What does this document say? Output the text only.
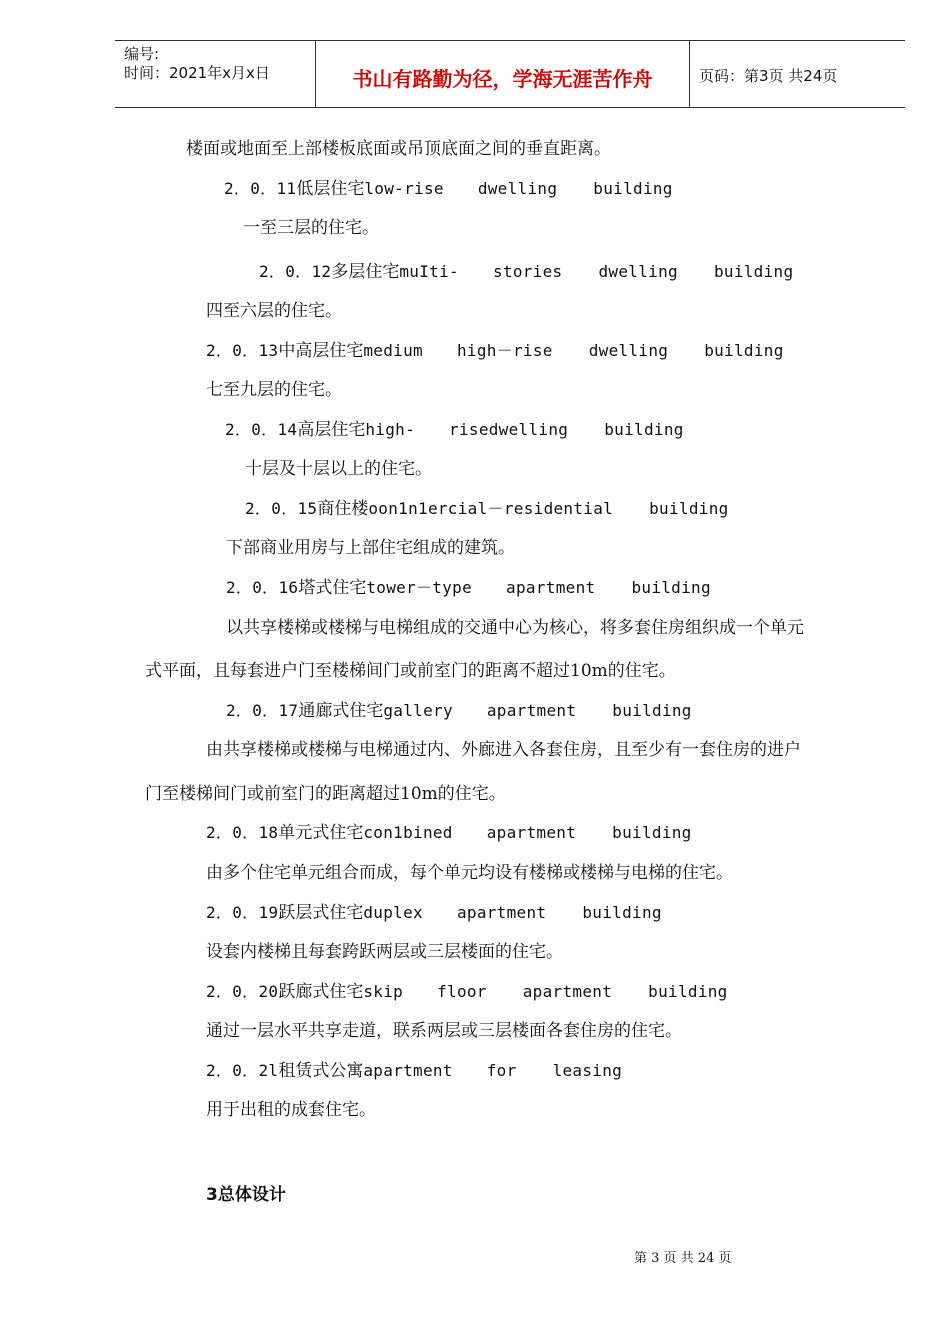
编号:
时间：2021年x月x日	书山有路勤为径，学海无涯苦作舟	页码：第3页 共24页
楼面或地面至上部楼板底面或吊顶底面之间的垂直距离。
2．0．11低层住宅low-rise dwelling building
一至三层的住宅。
2．0．12多层住宅muIti- stories dwelling building
四至六层的住宅。
2．0．13中高层住宅medium high－rise dwelling building
七至九层的住宅。
2．0．14高层住宅high- risedwelling building
十层及十层以上的住宅。
2．0．15商住楼oon1n1ercial－residential building
下部商业用房与上部住宅组成的建筑。
2．0．16塔式住宅tower－type apartment building
以共享楼梯或楼梯与电梯组成的交通中心为核心，将多套住房组织成一个单元
式平面，且每套进户门至楼梯间门或前室门的距离不超过10m的住宅。
2．0．17通廊式住宅gallery apartment building
由共享楼梯或楼梯与电梯通过内、外廊进入各套住房，且至少有一套住房的进户
门至楼梯间门或前室门的距离超过10m的住宅。
2．0．18单元式住宅con1bined apartment building
由多个住宅单元组合而成，每个单元均设有楼梯或楼梯与电梯的住宅。
2．0．19跃层式住宅duplex apartment building
设套内楼梯且每套跨跃两层或三层楼面的住宅。
2．0．20跃廊式住宅skip floor apartment building
通过一层水平共享走道，联系两层或三层楼面各套住房的住宅。
2．0．2l租赁式公寓apartment for leasing
用于出租的成套住宅。
3总体设计
第 3 页 共 24 页
